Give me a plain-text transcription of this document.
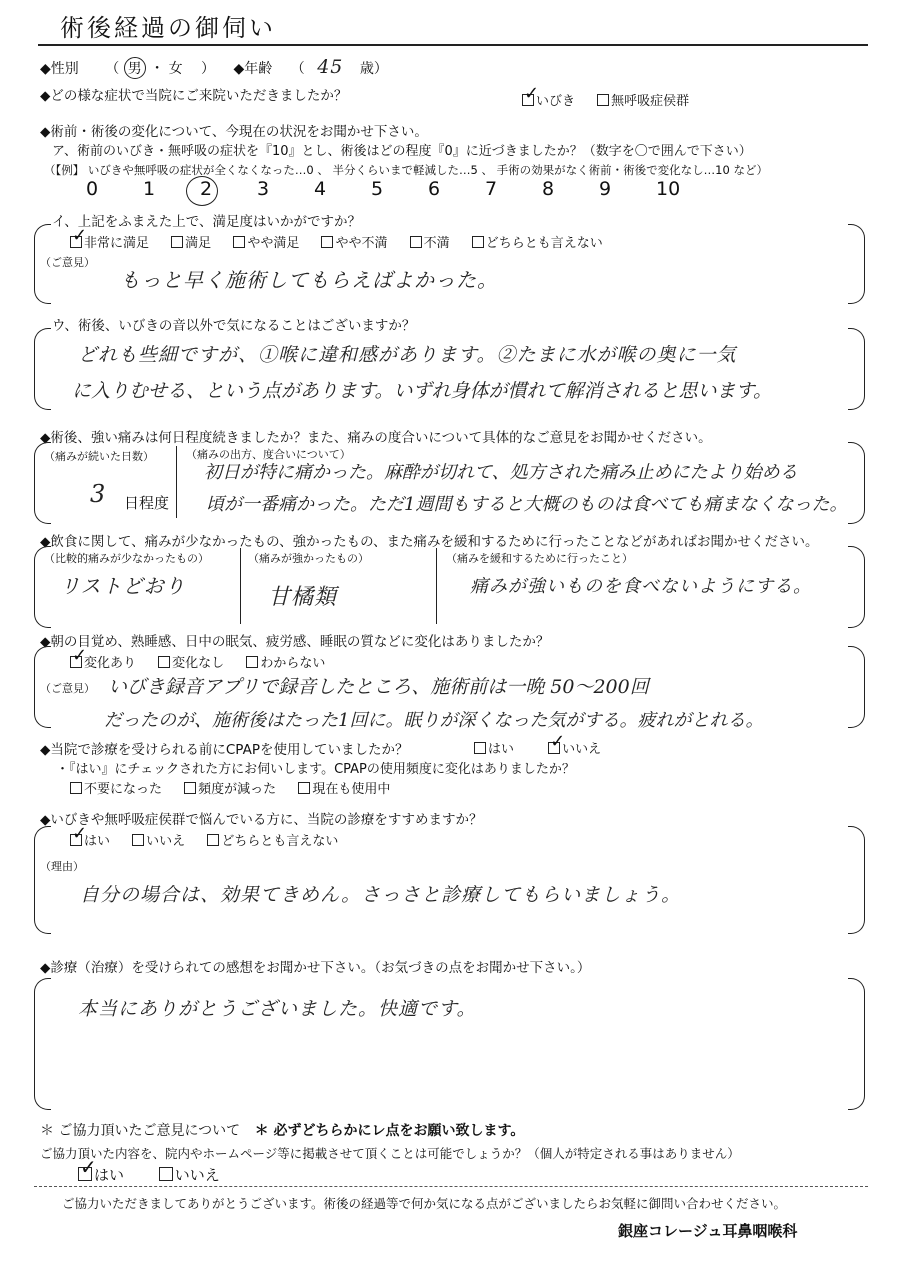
術後経過の御伺い
◆性別 （ 男 ・ 女 ） ◆年齢 （ 45 歳）
◆どの様な症状で当院にご来院いただきましたか？	✓
いびき	無呼吸症侯群
◆術前・術後の変化について、今現在の状況をお聞かせ下さい。
ア、術前のいびき・無呼吸の症状を『10』とし、術後はどの程度『0』に近づきましたか？（数字を〇で囲んで下さい）
（【例】 いびきや無呼吸の症状が全くなくなった…0 、 半分くらいまで軽減した…5 、 手術の効果がなく術前・術後で変化なし…10 など）
0 1 2 3 4 5 6 7 8 9 10
イ、上記をふまえた上で、満足度はいかがですか？
✓
非常に満足	満足	やや満足	やや不満	不満	どちらとも言えない
（ご意見）
もっと早く施術してもらえばよかった。
ウ、術後、いびきの音以外で気になることはございますか？
どれも些細ですが、①喉に違和感があります。②たまに水が喉の奥に一気
に入りむせる、という点があります。いずれ身体が慣れて解消されると思います。
◆術後、強い痛みは何日程度続きましたか？また、痛みの度合いについて具体的なご意見をお聞かせください。
（痛みが続いた日数）
3 日程度
（痛みの出方、度合いについて）
初日が特に痛かった。麻酔が切れて、処方された痛み止めにたより始める
頃が一番痛かった。ただ1週間もすると大概のものは食べても痛まなくなった。
◆飲食に関して、痛みが少なかったもの、強かったもの、また痛みを緩和するために行ったことなどがあればお聞かせください。
（比較的痛みが少なかったもの）
リストどおり
（痛みが強かったもの）
甘橘類
（痛みを緩和するために行ったこと）
痛みが強いものを食べないようにする。
◆朝の目覚め、熟睡感、日中の眠気、疲労感、睡眠の質などに変化はありましたか？
✓
変化あり	変化なし	わからない
（ご意見） いびき録音アプリで録音したところ、施術前は一晩 50〜200回
だったのが、施術後はたった1回に。眠りが深くなった気がする。疲れがとれる。
◆当院で診療を受けられる前にCPAPを使用していましたか？	はい ✓
いいえ
・『はい』にチェックされた方にお伺いします。CPAPの使用頻度に変化はありましたか？
不要になった	頻度が減った	現在も使用中
◆いびきや無呼吸症侯群で悩んでいる方に、当院の診療をすすめますか？
✓
はい	いいえ	どちらとも言えない
（理由）
自分の場合は、効果てきめん。さっさと診療してもらいましょう。
◆診療（治療）を受けられての感想をお聞かせ下さい。（お気づきの点をお聞かせ下さい。）
本当にありがとうございました。快適です。
＊ ご協力頂いたご意見について ＊ 必ずどちらかにレ点をお願い致します。
ご協力頂いた内容を、院内やホームページ等に掲載させて頂くことは可能でしょうか？（個人が特定される事はありません）
✓
はい	いいえ
ご協力いただきましてありがとうございます。術後の経過等で何か気になる点がございましたらお気軽に御問い合わせください。
銀座コレージュ耳鼻咽喉科
